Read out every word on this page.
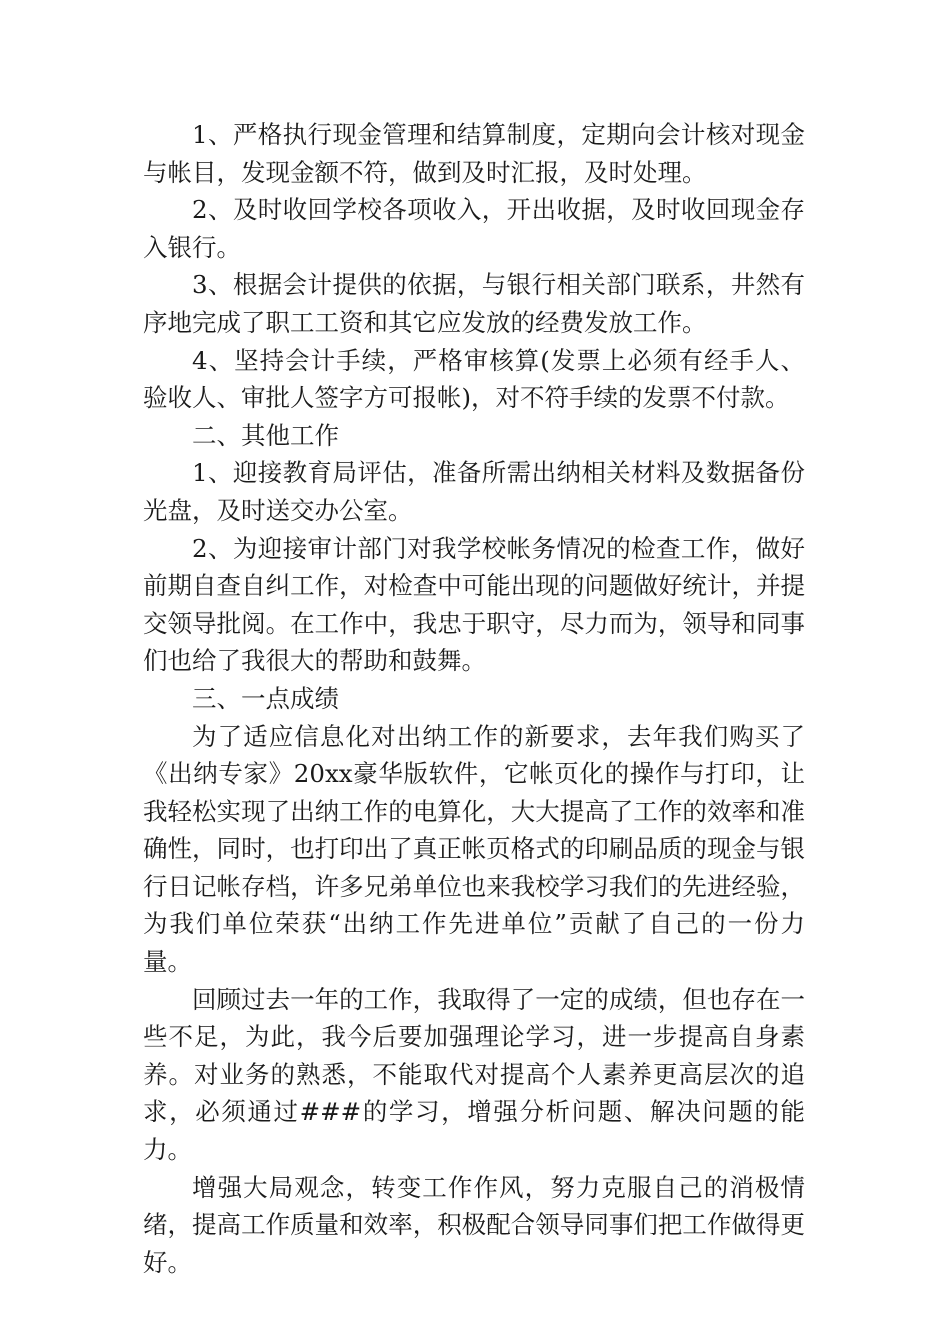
1、严格执行现金管理和结算制度，定期向会计核对现金与帐目，发现金额不符，做到及时汇报，及时处理。

2、及时收回学校各项收入，开出收据，及时收回现金存入银行。

3、根据会计提供的依据，与银行相关部门联系，井然有序地完成了职工工资和其它应发放的经费发放工作。

4、坚持会计手续，严格审核算(发票上必须有经手人、验收人、审批人签字方可报帐)，对不符手续的发票不付款。

二、其他工作

1、迎接教育局评估，准备所需出纳相关材料及数据备份光盘，及时送交办公室。

2、为迎接审计部门对我学校帐务情况的检查工作，做好前期自查自纠工作，对检查中可能出现的问题做好统计，并提交领导批阅。在工作中，我忠于职守，尽力而为，领导和同事们也给了我很大的帮助和鼓舞。

三、一点成绩

为了适应信息化对出纳工作的新要求，去年我们购买了《出纳专家》20xx豪华版软件，它帐页化的操作与打印，让我轻松实现了出纳工作的电算化，大大提高了工作的效率和准确性，同时，也打印出了真正帐页格式的印刷品质的现金与银行日记帐存档，许多兄弟单位也来我校学习我们的先进经验，为我们单位荣获“出纳工作先进单位”贡献了自己的一份力量。

回顾过去一年的工作，我取得了一定的成绩，但也存在一些不足，为此，我今后要加强理论学习，进一步提高自身素养。对业务的熟悉，不能取代对提高个人素养更高层次的追求，必须通过###的学习，增强分析问题、解决问题的能力。

增强大局观念，转变工作作风，努力克服自己的消极情绪，提高工作质量和效率，积极配合领导同事们把工作做得更好。
